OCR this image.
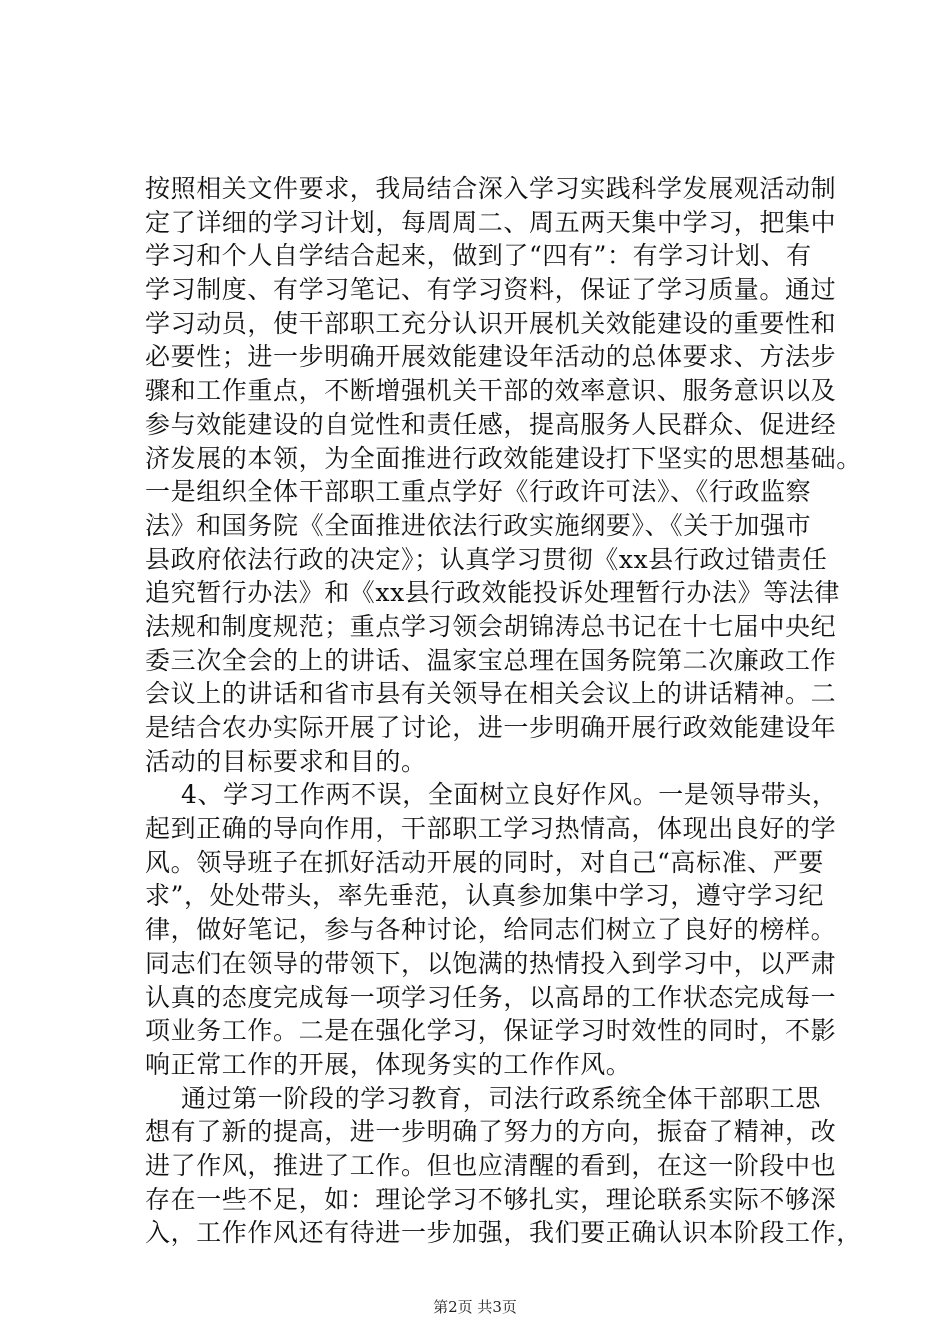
按照相关文件要求，我局结合深入学习实践科学发展观活动制
定了详细的学习计划，每周周二、周五两天集中学习，把集中
学习和个人自学结合起来，做到了“四有”：有学习计划、有
学习制度、有学习笔记、有学习资料，保证了学习质量。通过
学习动员，使干部职工充分认识开展机关效能建设的重要性和
必要性；进一步明确开展效能建设年活动的总体要求、方法步
骤和工作重点，不断增强机关干部的效率意识、服务意识以及
参与效能建设的自觉性和责任感，提高服务人民群众、促进经
济发展的本领，为全面推进行政效能建设打下坚实的思想基础。
一是组织全体干部职工重点学好《行政许可法》、《行政监察
法》和国务院《全面推进依法行政实施纲要》、《关于加强市
县政府依法行政的决定》；认真学习贯彻《xx县行政过错责任
追究暂行办法》和《xx县行政效能投诉处理暂行办法》等法律
法规和制度规范；重点学习领会胡锦涛总书记在十七届中央纪
委三次全会的上的讲话、温家宝总理在国务院第二次廉政工作
会议上的讲话和省市县有关领导在相关会议上的讲话精神。二
是结合农办实际开展了讨论，进一步明确开展行政效能建设年
活动的目标要求和目的。
4、学习工作两不误，全面树立良好作风。一是领导带头，
起到正确的导向作用，干部职工学习热情高，体现出良好的学
风。领导班子在抓好活动开展的同时，对自己“高标准、严要
求”，处处带头，率先垂范，认真参加集中学习，遵守学习纪
律，做好笔记，参与各种讨论，给同志们树立了良好的榜样。
同志们在领导的带领下，以饱满的热情投入到学习中，以严肃
认真的态度完成每一项学习任务，以高昂的工作状态完成每一
项业务工作。二是在强化学习，保证学习时效性的同时，不影
响正常工作的开展，体现务实的工作作风。
通过第一阶段的学习教育，司法行政系统全体干部职工思
想有了新的提高，进一步明确了努力的方向，振奋了精神，改
进了作风，推进了工作。但也应清醒的看到，在这一阶段中也
存在一些不足，如：理论学习不够扎实，理论联系实际不够深
入，工作作风还有待进一步加强，我们要正确认识本阶段工作，
第2页 共3页
